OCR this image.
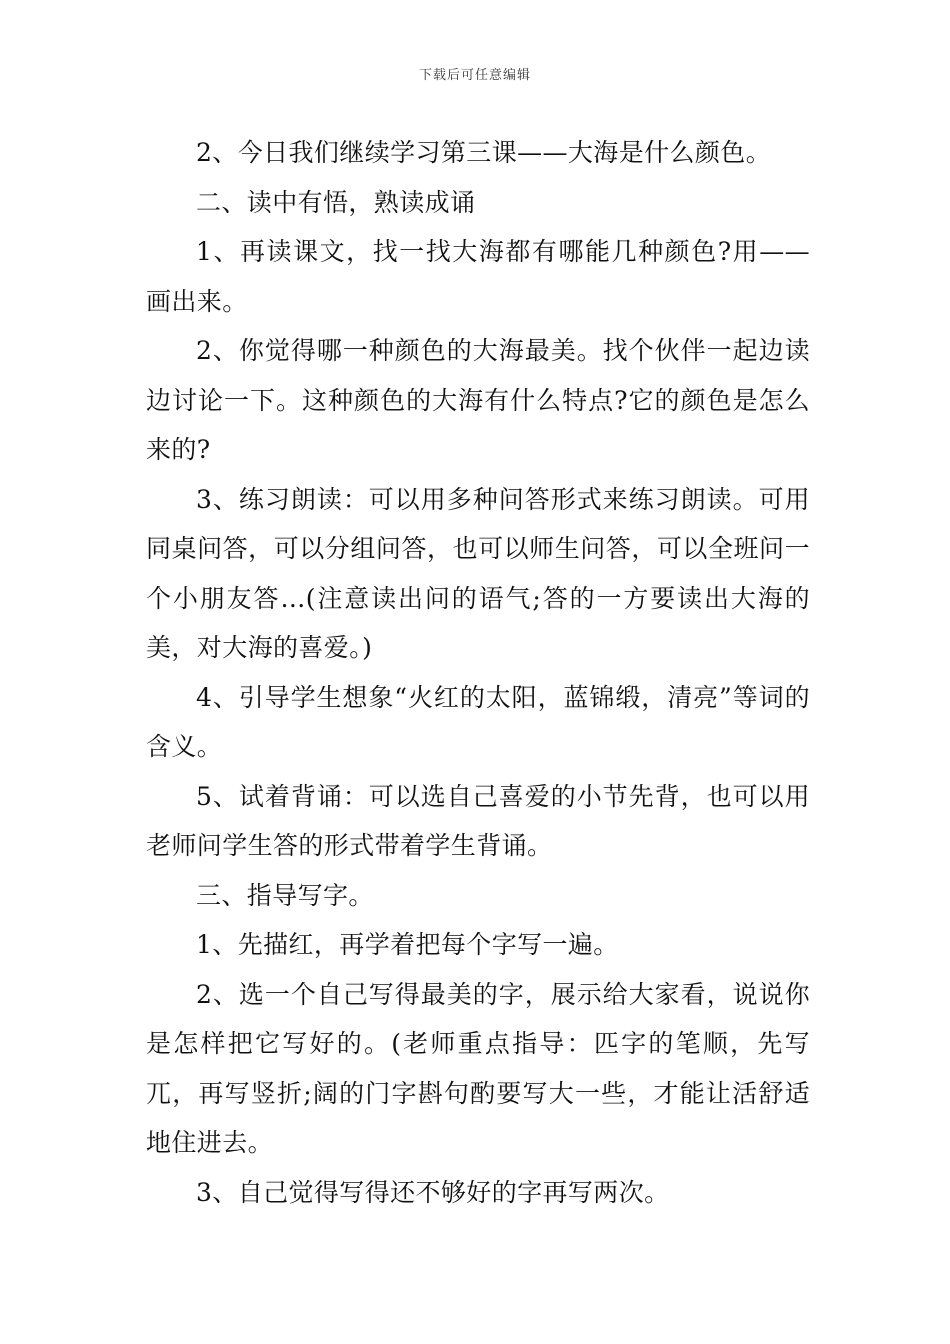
下载后可任意编辑

2、今日我们继续学习第三课——大海是什么颜色。

二、读中有悟，熟读成诵

1、再读课文，找一找大海都有哪能几种颜色?用——画出来。

2、你觉得哪一种颜色的大海最美。找个伙伴一起边读边讨论一下。这种颜色的大海有什么特点?它的颜色是怎么来的?

3、练习朗读：可以用多种问答形式来练习朗读。可用同桌问答，可以分组问答，也可以师生问答，可以全班问一个小朋友答…(注意读出问的语气;答的一方要读出大海的美，对大海的喜爱。)

4、引导学生想象“火红的太阳，蓝锦缎，清亮”等词的含义。

5、试着背诵：可以选自己喜爱的小节先背，也可以用老师问学生答的形式带着学生背诵。

三、指导写字。

1、先描红，再学着把每个字写一遍。

2、选一个自己写得最美的字，展示给大家看，说说你是怎样把它写好的。(老师重点指导：匹字的笔顺，先写兀，再写竖折;阔的门字斟句酌要写大一些，才能让活舒适地住进去。

3、自己觉得写得还不够好的字再写两次。
